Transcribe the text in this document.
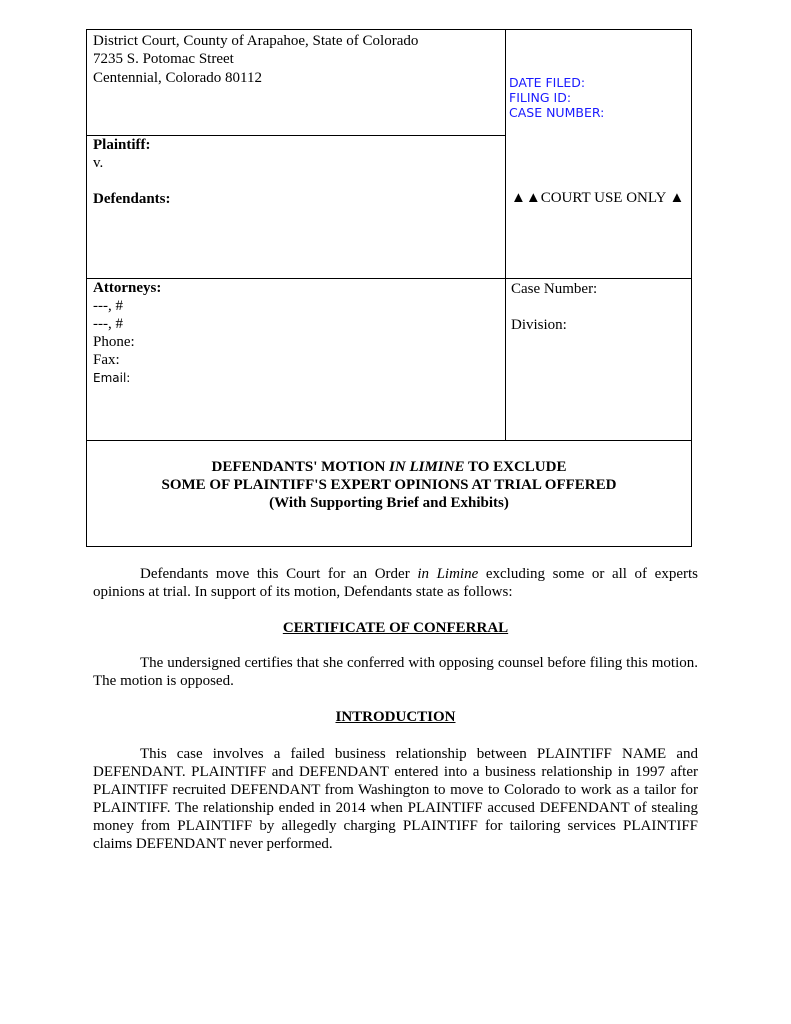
District Court, County of Arapahoe, State of Colorado
7235 S. Potomac Street
Centennial, Colorado 80112	DATE FILED:
FILING ID:
CASE NUMBER:
Plaintiff:
v.
Defendants:	▲▲COURT USE ONLY ▲
Attorneys:
---, #
---, #
Phone:
Fax:
Email:
Case Number:
Division:
DEFENDANTS' MOTION IN LIMINE TO EXCLUDE
SOME OF PLAINTIFF'S EXPERT OPINIONS AT TRIAL OFFERED
(With Supporting Brief and Exhibits)
Defendants move this Court for an Order in Limine excluding some or all of experts opinions at trial. In support of its motion, Defendants state as follows:
CERTIFICATE OF CONFERRAL
The undersigned certifies that she conferred with opposing counsel before filing this motion. The motion is opposed.
INTRODUCTION
This case involves a failed business relationship between PLAINTIFF NAME and DEFENDANT. PLAINTIFF and DEFENDANT entered into a business relationship in 1997 after PLAINTIFF recruited DEFENDANT from Washington to move to Colorado to work as a tailor for PLAINTIFF. The relationship ended in 2014 when PLAINTIFF accused DEFENDANT of stealing money from PLAINTIFF by allegedly charging PLAINTIFF for tailoring services PLAINTIFF claims DEFENDANT never performed.
